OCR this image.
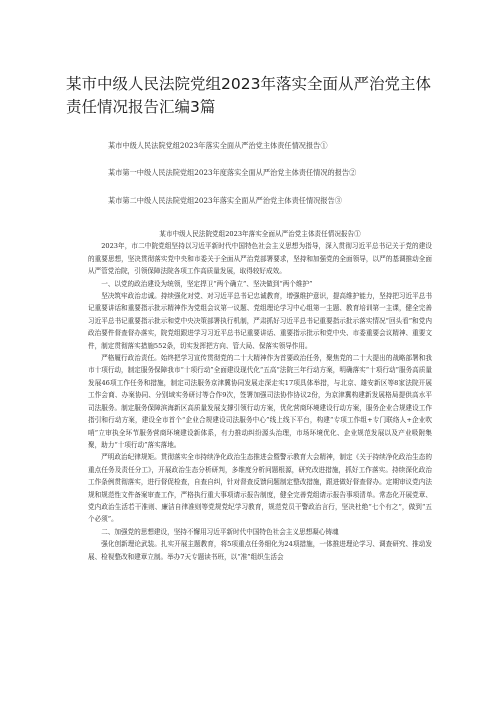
某市中级人民法院党组2023年落实全面从严治党主体责任情况报告汇编3篇
某市中级人民法院党组2023年落实全面从严治党主体责任情况报告①
某市第一中级人民法院党组2023年度落实全面从严治党主体责任情况的报告②
某市第二中级人民法院党组2023年落实全面从严治党主体责任情况报告③

某市中级人民法院党组2023年落实全面从严治党主体责任情况报告①

2023年，市二中院党组坚持以习近平新时代中国特色社会主义思想为指导，深入贯彻习近平总书记关于党的建设的重要思想，坚决贯彻落实党中央和市委关于全面从严治党部署要求，坚持和加强党的全面领导，以严的基调推动全面从严管党治院，引领保障法院各项工作高质量发展，取得较好成效。

一、以党的政治建设为统领，坚定捍卫“两个确立”、坚决做到“两个维护”

坚决筑牢政治忠诚。持续强化对党、对习近平总书记忠诚教育，增强维护意识，提高维护能力，坚持把习近平总书记重要讲话和重要指示批示精神作为党组会议第一议题、党组理论学习中心组第一主题、教育培训第一主课，健全完善习近平总书记重要指示批示和党中央决策部署执行机制，严肃抓好习近平总书记重要指示批示落实情况“回头看”和党内政治要件督查督办落实，院党组跟进学习习近平总书记重要讲话、重要指示批示和党中央、市委重要会议精神、重要文件，制定贯彻落实措施552条，切实发挥把方向、管大局、保落实领导作用。

严格履行政治责任。始终把学习宣传贯彻党的二十大精神作为首要政治任务，聚焦党的二十大提出的战略部署和我市十项行动，制定服务保障我市“十项行动”全面建设现代化“五高”法院三年行动方案，明确落实“十项行动”服务高质量发展46项工作任务和措施，制定司法服务京津冀协同发展走深走实17项具体举措，与北京、雄安新区等8家法院开展工作会商、办案协同、分别域实务研讨等合作9次，签署加强司法协作协议2份，为京津冀构建新发展格局提供高水平司法服务。制定服务保障滨海新区高质量发展支撑引领行动方案，优化营商环境建设行动方案，服务企业合规建设工作指引和行动方案，建设全市首个“企业合规建设司法服务中心”线上线下平台，构建“专项工作组+专门联络人+企业吹哨”立审执全环节服务营商环境建设新体系，有力推动纠纷源头治理，市场环境优化、企业规范发展以及产业吸附集聚，助力“十项行动”落实落地。

严明政治纪律规矩。贯彻落实全市持续净化政治生态推进会暨警示教育大会精神，制定《关于持续净化政治生态的重点任务及责任分工》，开展政治生态分析研判，多维度分析问题根源，研究改进措施，抓好工作落实。持续深化政治工作条例贯彻落实，进行督促检查，自查自纠，针对督查反馈问题制定整改措施，跟进做好督查督办。定期审议党内法规和规范性文件备案审查工作，严格执行重大事项请示报告制度，健全完善党组请示报告事项清单。常态化开展党章、党内政治生活若干准则、廉洁自律准则等党规党纪学习教育，规范党员干警政治言行，坚决杜绝“七个有之”，做到“五个必须”。

二、加强党的思想建设，坚持不懈用习近平新时代中国特色社会主义思想凝心铸魂

强化创新理论武装。扎实开展主题教育，将5项重点任务细化为24项措施，一体推进理论学习、调查研究、推动发展、检视整改和建章立制。举办7天专题读书班，以“准”组织生活会
